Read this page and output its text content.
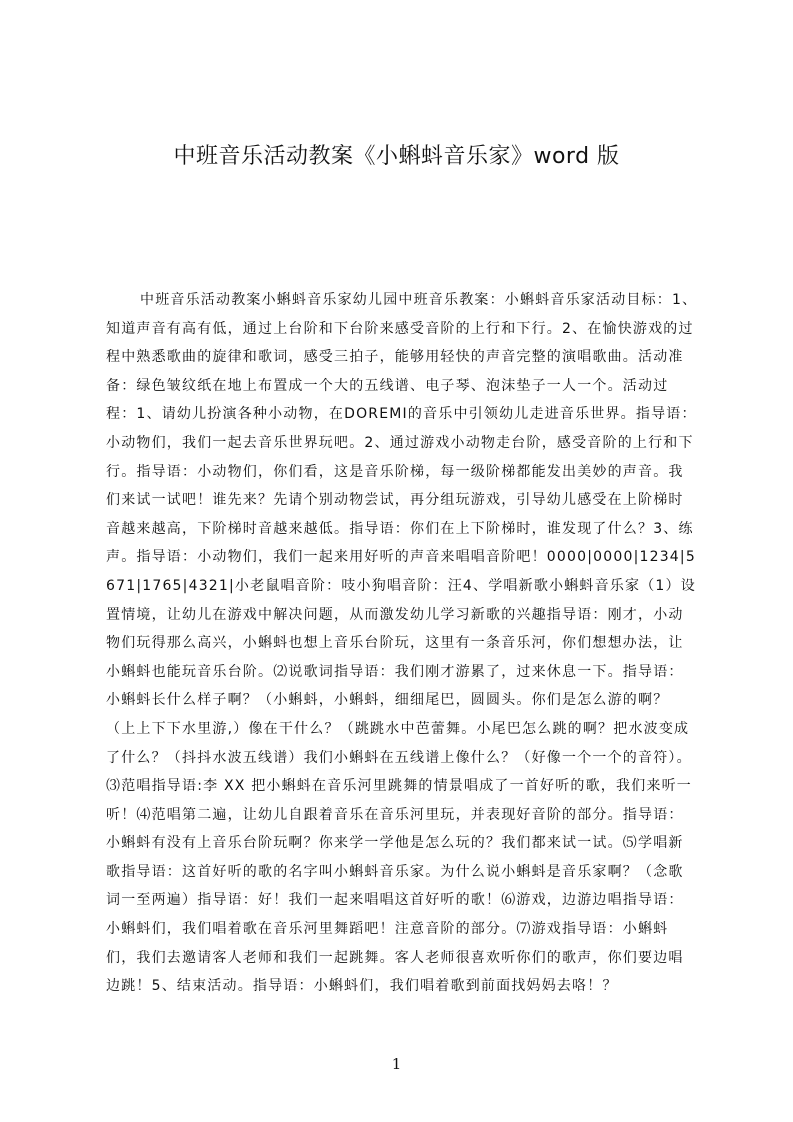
中班音乐活动教案《小蝌蚪音乐家》word 版
中班音乐活动教案小蝌蚪音乐家幼儿园中班音乐教案：小蝌蚪音乐家活动目标：1、知道声音有高有低，通过上台阶和下台阶来感受音阶的上行和下行。2、在愉快游戏的过程中熟悉歌曲的旋律和歌词，感受三拍子，能够用轻快的声音完整的演唱歌曲。活动准备：绿色皱纹纸在地上布置成一个大的五线谱、电子琴、泡沫垫子一人一个。活动过程：1、请幼儿扮演各种小动物，在DOREMI的音乐中引领幼儿走进音乐世界。指导语：小动物们，我们一起去音乐世界玩吧。2、通过游戏小动物走台阶，感受音阶的上行和下行。指导语：小动物们，你们看，这是音乐阶梯，每一级阶梯都能发出美妙的声音。我们来试一试吧！谁先来？先请个别动物尝试，再分组玩游戏，引导幼儿感受在上阶梯时音越来越高，下阶梯时音越来越低。指导语：你们在上下阶梯时，谁发现了什么？3、练声。指导语：小动物们，我们一起来用好听的声音来唱唱音阶吧！0000|0000|1234|5671|1765|4321|小老鼠唱音阶：吱小狗唱音阶：汪4、学唱新歌小蝌蚪音乐家（1）设置情境，让幼儿在游戏中解决问题，从而激发幼儿学习新歌的兴趣指导语：刚才，小动物们玩得那么高兴，小蝌蚪也想上音乐台阶玩，这里有一条音乐河，你们想想办法，让小蝌蚪也能玩音乐台阶。⑵说歌词指导语：我们刚才游累了，过来休息一下。指导语：小蝌蚪长什么样子啊？（小蝌蚪，小蝌蚪，细细尾巴，圆圆头。你们是怎么游的啊？（上上下下水里游,）像在干什么？（跳跳水中芭蕾舞。小尾巴怎么跳的啊？把水波变成了什么？（抖抖水波五线谱）我们小蝌蚪在五线谱上像什么？（好像一个一个的音符）。⑶范唱指导语:李 XX 把小蝌蚪在音乐河里跳舞的情景唱成了一首好听的歌，我们来听一听！⑷范唱第二遍，让幼儿自跟着音乐在音乐河里玩，并表现好音阶的部分。指导语：小蝌蚪有没有上音乐台阶玩啊？你来学一学他是怎么玩的？我们都来试一试。⑸学唱新歌指导语：这首好听的歌的名字叫小蝌蚪音乐家。为什么说小蝌蚪是音乐家啊？（念歌词一至两遍）指导语：好！我们一起来唱唱这首好听的歌！⑹游戏，边游边唱指导语：小蝌蚪们，我们唱着歌在音乐河里舞蹈吧！注意音阶的部分。⑺游戏指导语：小蝌蚪们，我们去邀请客人老师和我们一起跳舞。客人老师很喜欢听你们的歌声，你们要边唱边跳！5、结束活动。指导语：小蝌蚪们，我们唱着歌到前面找妈妈去咯！？
1
